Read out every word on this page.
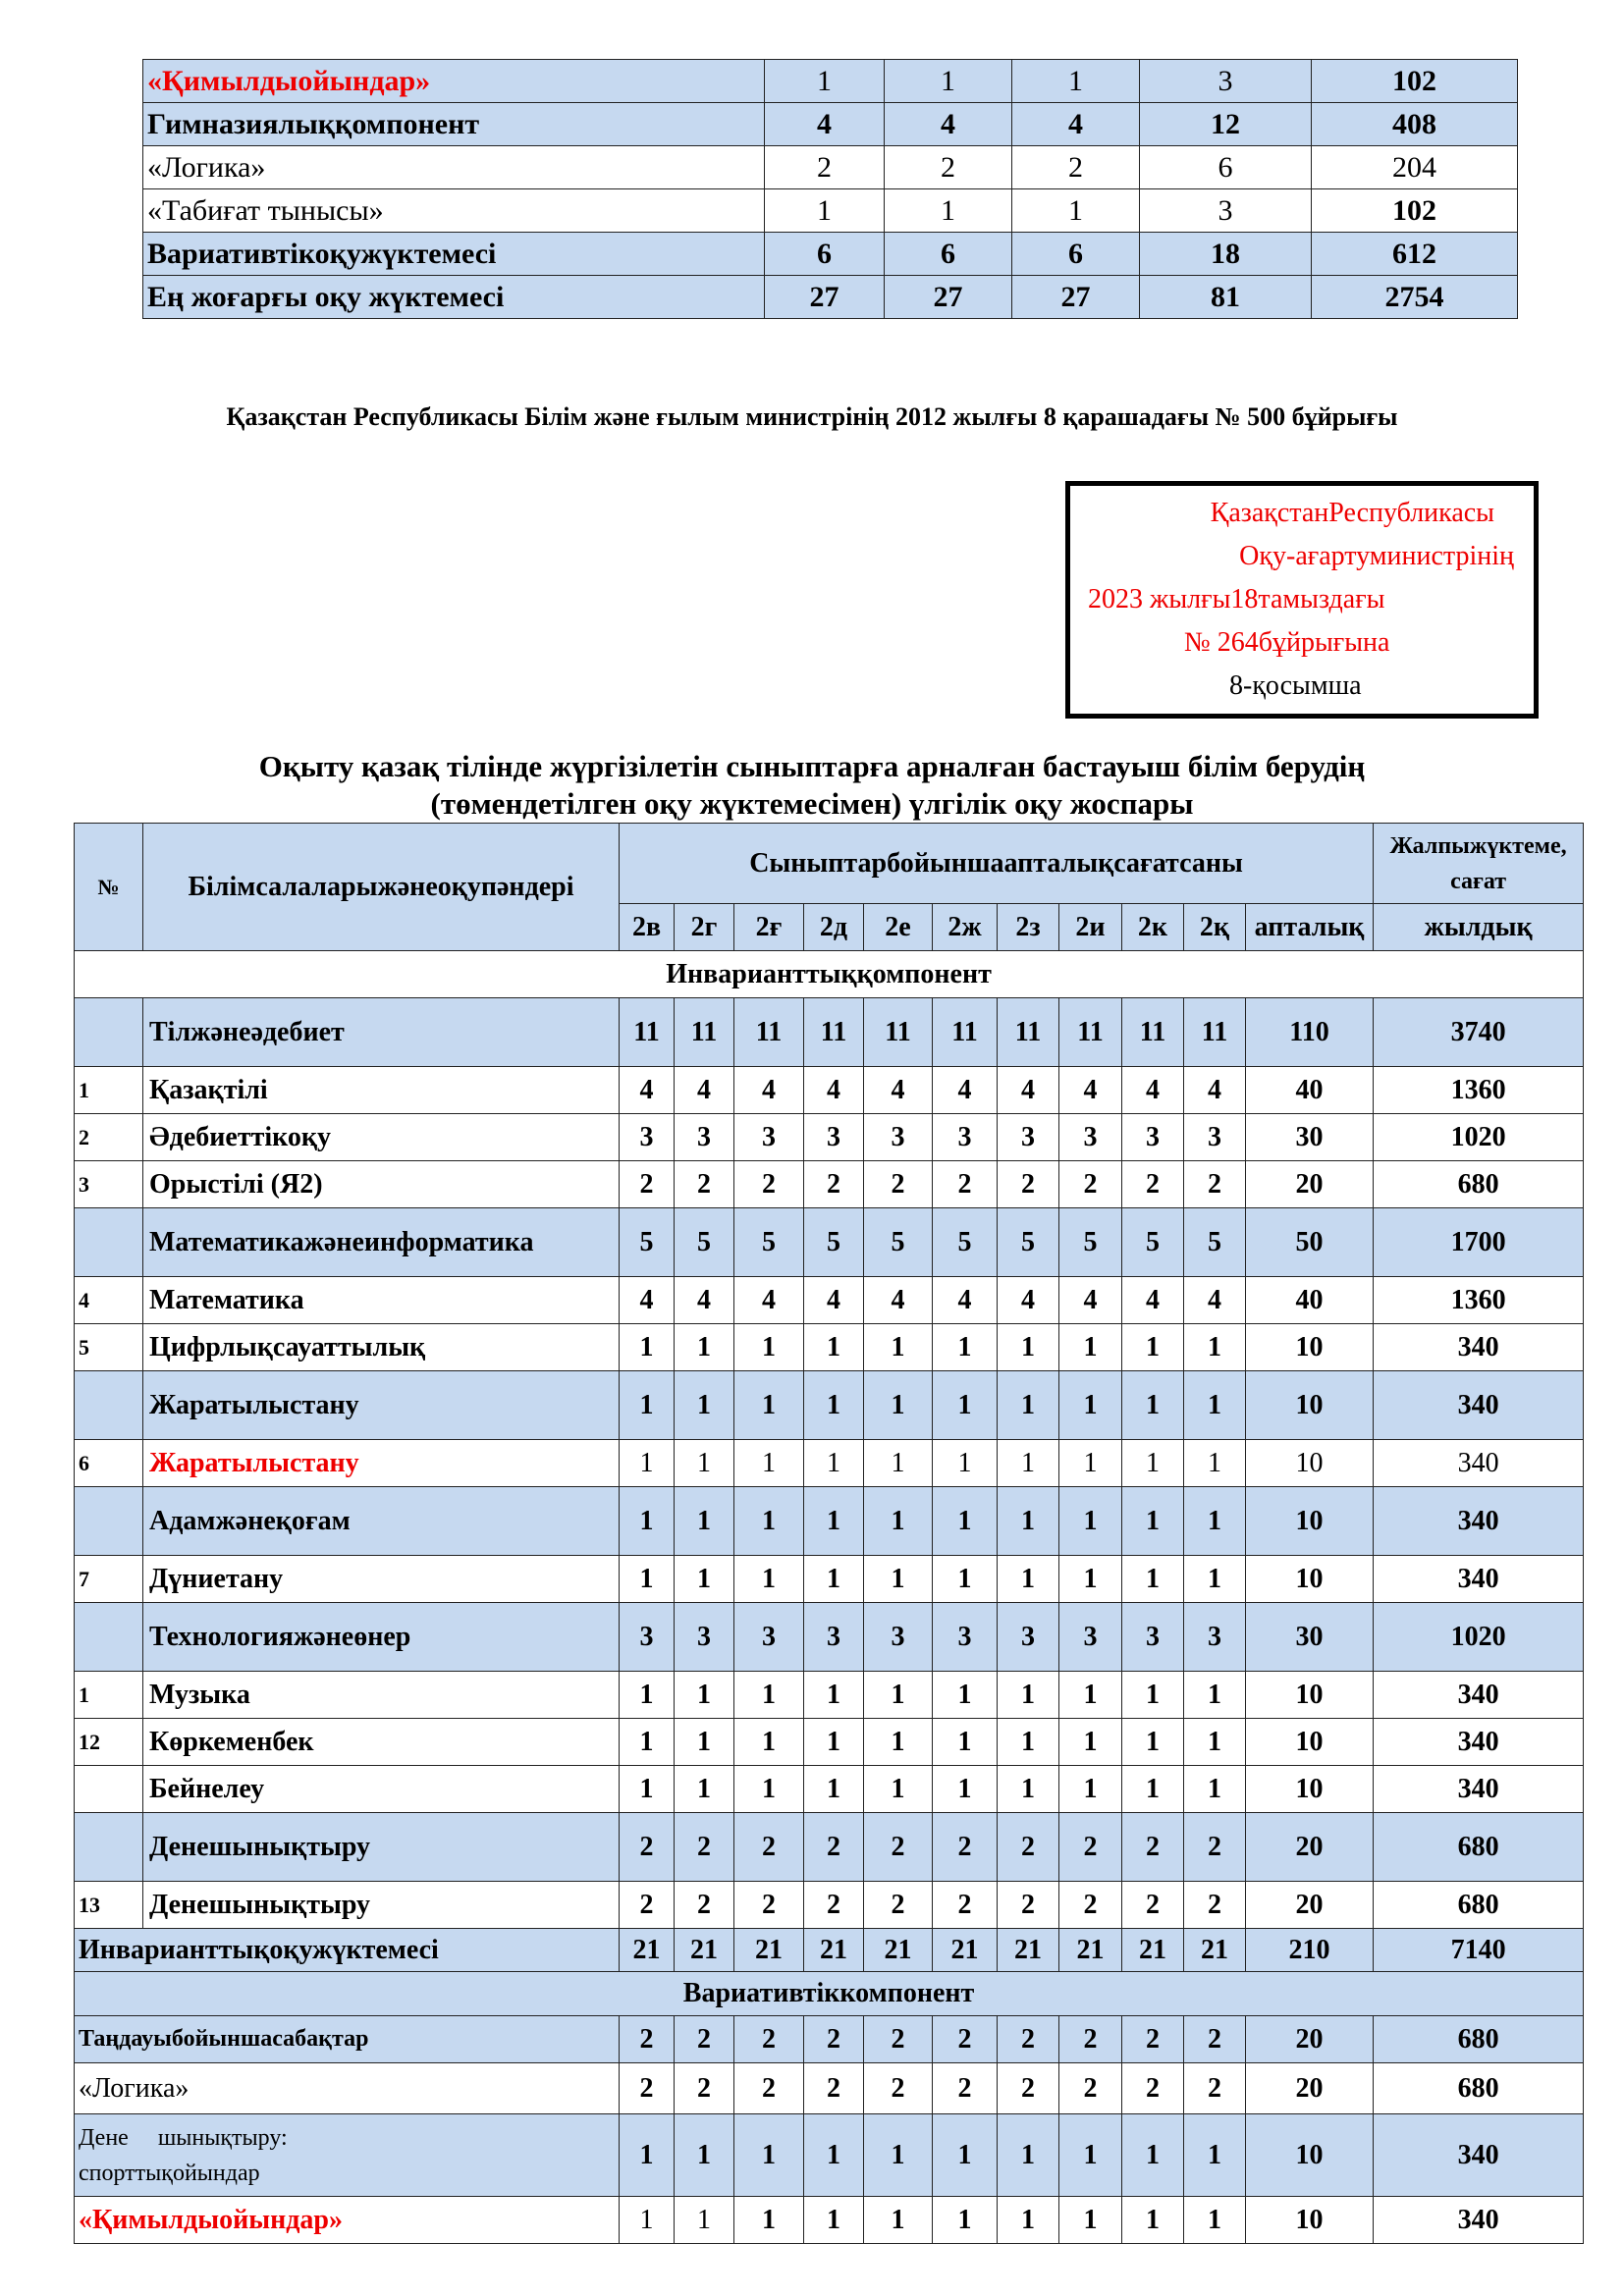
«Қимылдыойындар»	1	1	1	3	102
Гимназиялыққомпонент	4	4	4	12	408
«Логика»	2	2	2	6	204
«Табиғат тынысы»	1	1	1	3	102
Вариативтікоқужүктемесі	6	6	6	18	612
Ең жоғарғы оқу жүктемесі	27	27	27	81	2754
Қазақстан Республикасы Білім және ғылым министрінің 2012 жылғы 8 қарашадағы № 500 бұйрығы
ҚазақстанРеспубликасы
Оқу-ағартуминистрінің
2023 жылғы18тамыздағы
№ 264бұйрығына
8-қосымша
Оқыту қазақ тілінде жүргізілетін сыныптарға арналған бастауыш білім берудің
(төмендетілген оқу жүктемесімен) үлгілік оқу жоспары
№	Білімсалаларыжәнеоқупәндері	Сыныптарбойыншаапталықсағатсаны											Жалпыжүктеме, сағат
		2в	2г	2ғ	2д	2е	2ж	2з	2и	2к	2қ	апталық	жылдық
Инварианттыққомпонент													
	Тілжәнеәдебиет	11	11	11	11	11	11	11	11	11	11	110	3740
1	Қазақтілі	4	4	4	4	4	4	4	4	4	4	40	1360
2	Әдебиеттікоқу	3	3	3	3	3	3	3	3	3	3	30	1020
3	Орыстілі (Я2)	2	2	2	2	2	2	2	2	2	2	20	680
	Математикажәнеинформатика	5	5	5	5	5	5	5	5	5	5	50	1700
4	Математика	4	4	4	4	4	4	4	4	4	4	40	1360
5	Цифрлықсауаттылық	1	1	1	1	1	1	1	1	1	1	10	340
	Жаратылыстану	1	1	1	1	1	1	1	1	1	1	10	340
6	Жаратылыстану	1	1	1	1	1	1	1	1	1	1	10	340
	Адамжәнеқоғам	1	1	1	1	1	1	1	1	1	1	10	340
7	Дүниетану	1	1	1	1	1	1	1	1	1	1	10	340
	Технологияжәнеөнер	3	3	3	3	3	3	3	3	3	3	30	1020
1	Музыка	1	1	1	1	1	1	1	1	1	1	10	340
12	Көркеменбек	1	1	1	1	1	1	1	1	1	1	10	340
	Бейнелеу	1	1	1	1	1	1	1	1	1	1	10	340
	Денешынықтыру	2	2	2	2	2	2	2	2	2	2	20	680
13	Денешынықтыру	2	2	2	2	2	2	2	2	2	2	20	680
Инварианттықоқужүктемесі		21	21	21	21	21	21	21	21	21	21	210	7140
Вариативтіккомпонент													
Таңдауыбойыншасабақтар		2	2	2	2	2	2	2	2	2	2	20	680
«Логика»		2	2	2	2	2	2	2	2	2	2	20	680

Дене     шынықтыру:
спорттықойындар		1	1	1	1	1	1	1	1	1	1	10	340
«Қимылдыойындар»		1	1	1	1	1	1	1	1	1	1	10	340
